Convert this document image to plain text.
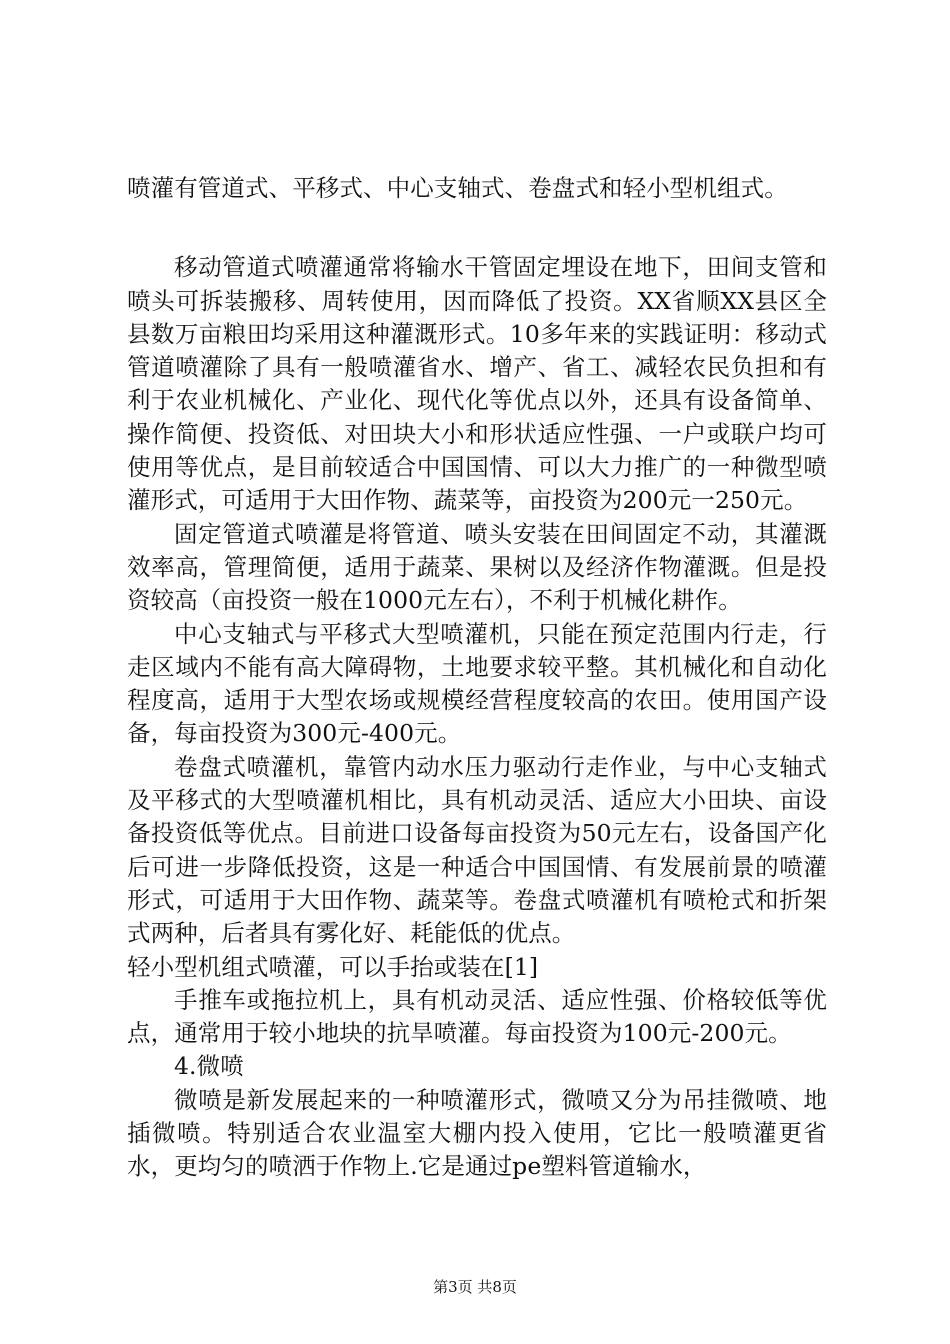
喷灌有管道式、平移式、中心支轴式、卷盘式和轻小型机组式。

移动管道式喷灌通常将输水干管固定埋设在地下，田间支管和喷头可拆装搬移、周转使用，因而降低了投资。XX省顺XX县区全县数万亩粮田均采用这种灌溉形式。10多年来的实践证明：移动式管道喷灌除了具有一般喷灌省水、增产、省工、减轻农民负担和有利于农业机械化、产业化、现代化等优点以外，还具有设备简单、操作简便、投资低、对田块大小和形状适应性强、一户或联户均可使用等优点，是目前较适合中国国情、可以大力推广的一种微型喷灌形式，可适用于大田作物、蔬菜等，亩投资为200元一250元。

固定管道式喷灌是将管道、喷头安装在田间固定不动，其灌溉效率高，管理简便，适用于蔬菜、果树以及经济作物灌溉。但是投资较高（亩投资一般在1000元左右），不利于机械化耕作。

中心支轴式与平移式大型喷灌机，只能在预定范围内行走，行走区域内不能有高大障碍物，土地要求较平整。其机械化和自动化程度高，适用于大型农场或规模经营程度较高的农田。使用国产设备，每亩投资为300元-400元。

卷盘式喷灌机，靠管内动水压力驱动行走作业，与中心支轴式及平移式的大型喷灌机相比，具有机动灵活、适应大小田块、亩设备投资低等优点。目前进口设备每亩投资为50元左右，设备国产化后可进一步降低投资，这是一种适合中国国情、有发展前景的喷灌形式，可适用于大田作物、蔬菜等。卷盘式喷灌机有喷枪式和折架式两种，后者具有雾化好、耗能低的优点。

轻小型机组式喷灌，可以手抬或装在[1]

手推车或拖拉机上，具有机动灵活、适应性强、价格较低等优点，通常用于较小地块的抗旱喷灌。每亩投资为100元-200元。

4.微喷

微喷是新发展起来的一种喷灌形式，微喷又分为吊挂微喷、地插微喷。特别适合农业温室大棚内投入使用，它比一般喷灌更省水，更均匀的喷洒于作物上.它是通过pe塑料管道输水，

第3页 共8页
